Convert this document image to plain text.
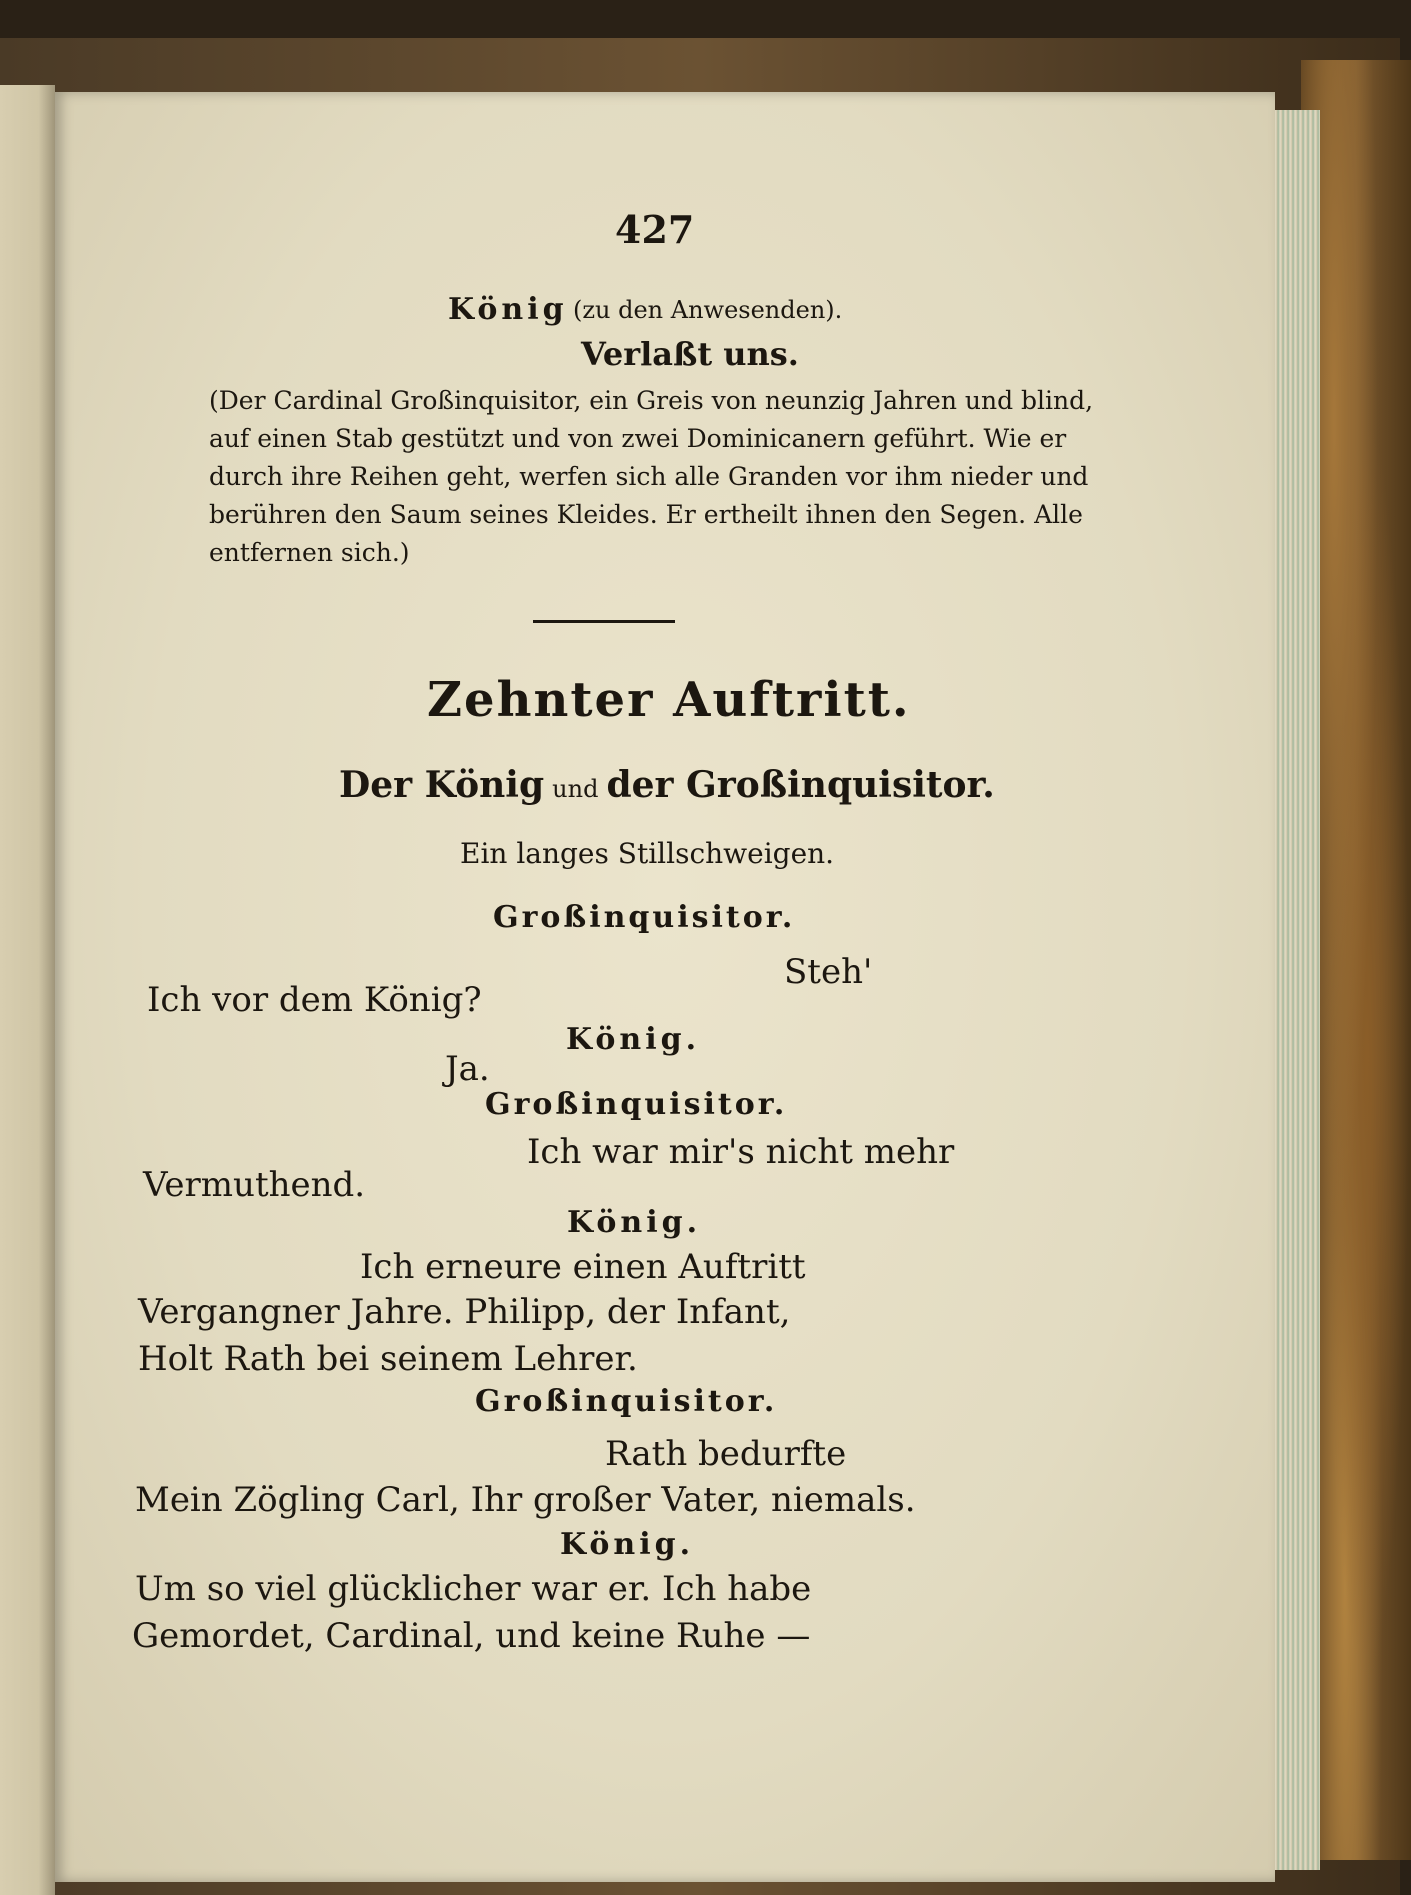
427
König (zu den Anwesenden).
Verlaßt uns.
(Der Cardinal Großinquisitor, ein Greis von neunzig Jahren und blind,
auf einen Stab gestützt und von zwei Dominicanern geführt. Wie er
durch ihre Reihen geht, werfen sich alle Granden vor ihm nieder und
berühren den Saum seines Kleides. Er ertheilt ihnen den Segen. Alle
entfernen sich.)
Zehnter Auftritt.
Der König und der Großinquisitor.
Ein langes Stillschweigen.
Großinquisitor.
Steh'
Ich vor dem König?
König.
Ja.
Großinquisitor.
Ich war mir's nicht mehr
Vermuthend.
König.
Ich erneure einen Auftritt
Vergangner Jahre. Philipp, der Infant,
Holt Rath bei seinem Lehrer.
Großinquisitor.
Rath bedurfte
Mein Zögling Carl, Ihr großer Vater, niemals.
König.
Um so viel glücklicher war er. Ich habe
Gemordet, Cardinal, und keine Ruhe —
